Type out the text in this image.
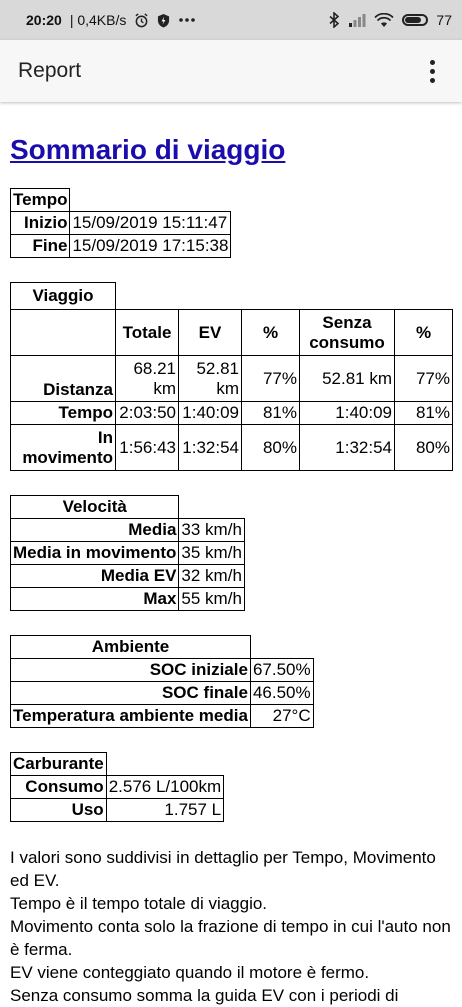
20:20 | 0,4KB/s	77
Report
Sommario di viaggio
Tempo	
Inizio	15/09/2019 15:11:47
Fine	15/09/2019 17:15:38
Viaggio					
	Totale	EV	%	Senza consumo	%
Distanza	68.21 km	52.81 km	77%	52.81 km	77%
Tempo	2:03:50	1:40:09	81%	1:40:09	81%
In movimento	1:56:43	1:32:54	80%	1:32:54	80%
Velocità	
Media	33 km/h
Media in movimento	35 km/h
Media EV	32 km/h
Max	55 km/h
Ambiente	
SOC iniziale	67.50%
SOC finale	46.50%
Temperatura ambiente media	27°C
Carburante	
Consumo	2.576 L/100km
Uso	1.757 L

I valori sono suddivisi in dettaglio per Tempo, Movimento ed EV.

Tempo è il tempo totale di viaggio.

Movimento conta solo la frazione di tempo in cui l'auto non è ferma.

EV viene conteggiato quando il motore è fermo.

Senza consumo somma la guida EV con i periodi di
